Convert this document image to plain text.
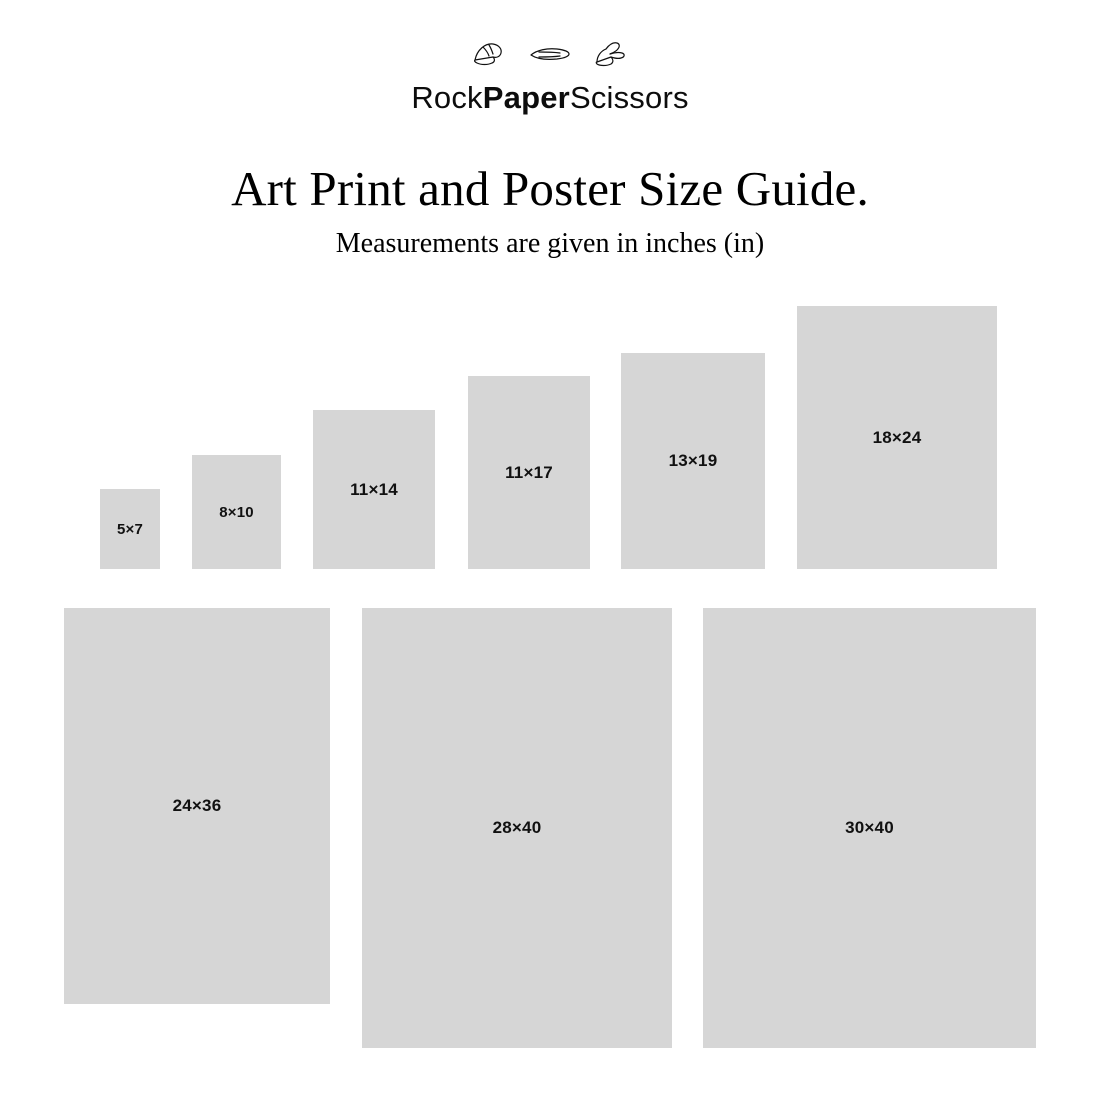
RockPaperScissors
Art Print and Poster Size Guide.
Measurements are given in inches (in)
5×7
8×10
11×14
11×17
13×19
18×24
24×36
28×40	30×40
